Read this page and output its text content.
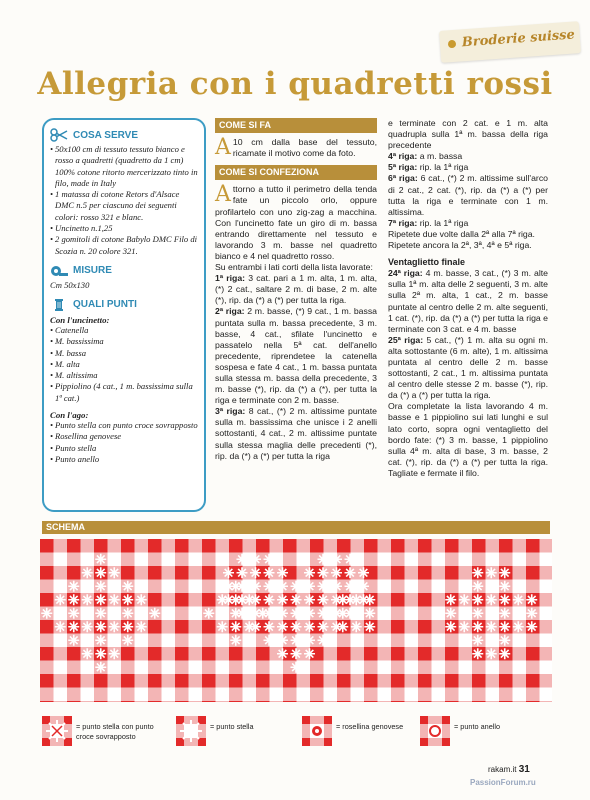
Broderie suisse
Allegria con i quadretti rossi
COSA SERVE
• 50x100 cm di tessuto tessuto bianco e rosso a quadretti (quadretto da 1 cm) 100% cotone ritorto mercerizzato tinto in filo, made in Italy
• 1 matassa di cotone Retors d'Alsace DMC n.5 per ciascuno dei seguenti colori: rosso 321 e blanc.
• Uncinetto n.1,25
• 2 gomitoli di cotone Babylo DMC Filo di Scozia n. 20 colore 321.
MISURE
Cm 50x130
QUALI PUNTI
Con l'uncinetto:
• Catenella
• M. bassissima
• M. bassa
• M. alta
• M. altissima
• Pippiolino (4 cat., 1 m. bassissima sulla 1ª cat.)
Con l'ago:
• Punto stella con punto croce sovrapposto
• Rosellina genovese
• Punto stella
• Punto anello
COME SI FA
A 10 cm dalla base del tessuto, ricamate il motivo come da foto.
COME SI CONFEZIONA
A ttorno a tutto il perimetro della tenda fate un piccolo orlo, oppure profilartelo con uno zig-zag a macchina. Con l'uncinetto fate un giro di m. bassa entrando direttamente nel tessuto e lavorando 3 m. basse nel quadretto bianco e 4 nel quadretto rosso.
Su entrambi i lati corti della lista lavorate:
1ª riga: 3 cat. pari a 1 m. alta, 1 m. alta, (*) 2 cat., saltare 2 m. di base, 2 m. alte (*), rip. da (*) a (*) per tutta la riga.
2ª riga: 2 m. basse, (*) 9 cat., 1 m. bassa puntata sulla m. bassa precedente, 3 m. basse, 4 cat., sfilate l'uncinetto e passatelo nella 5ª cat. dell'anello precedente, riprendetee la catenella sospesa e fate 4 cat., 1 m. bassa puntata sulla stessa m. bassa della precedente, 3 m. basse (*), rip. da (*) a (*), per tutta la riga e terminate con 2 m. basse.
3ª riga: 8 cat., (*) 2 m. altissime puntate sulla m. bassissima che unisce i 2 anelli sottostanti, 4 cat., 2 m. altissime puntate sulla stessa maglia delle precedenti (*), rip. da (*) a (*) per tutta la riga
e terminate con 2 cat. e 1 m. alta quadrupla sulla 1ª m. bassa della riga precedente
4ª riga: a m. bassa
5ª riga: rip. la 1ª riga
6ª riga: 6 cat., (*) 2 m. altissime sull'arco di 2 cat., 2 cat. (*), rip. da (*) a (*) per tutta la riga e terminate con 1 m. altissima.
7ª riga: rip. la 1ª riga
Ripetete due volte dalla 2ª alla 7ª riga.
Ripetete ancora la 2ª, 3ª, 4ª e 5ª riga.
Ventaglietto finale
24ª riga: 4 m. basse, 3 cat., (*) 3 m. alte sulla 1ª m. alta delle 2 seguenti, 3 m. alte sulla 2ª m. alta, 1 cat., 2 m. basse puntate al centro delle 2 m. alte seguenti, 1 cat. (*), rip. da (*) a (*) per tutta la riga e terminate con 3 cat. e 4 m. basse
25ª riga: 5 cat., (*) 1 m. alta su ogni m. alta sottostante (6 m. alte), 1 m. altissima puntata al centro delle 2 m. basse sottostanti, 2 cat., 1 m. altissima puntata al centro delle stesse 2 m. basse (*), rip. da (*) a (*) per tutta la riga.
Ora completate la lista lavorando 4 m. basse e 1 pippiolino sui lati lunghi e sul lato corto, sopra ogni ventaglietto del bordo fate: (*) 3 m. basse, 1 pippiolino sulla 4ª m. alta di base, 3 m. basse, 2 cat. (*), rip. da (*) a (*) per tutta la riga. Tagliate e fermate il filo.
SCHEMA
= punto stella con punto croce sovrapposto
= punto stella	= rosellina genovese	= punto anello
rakam.it 31
PassionForum.ru
